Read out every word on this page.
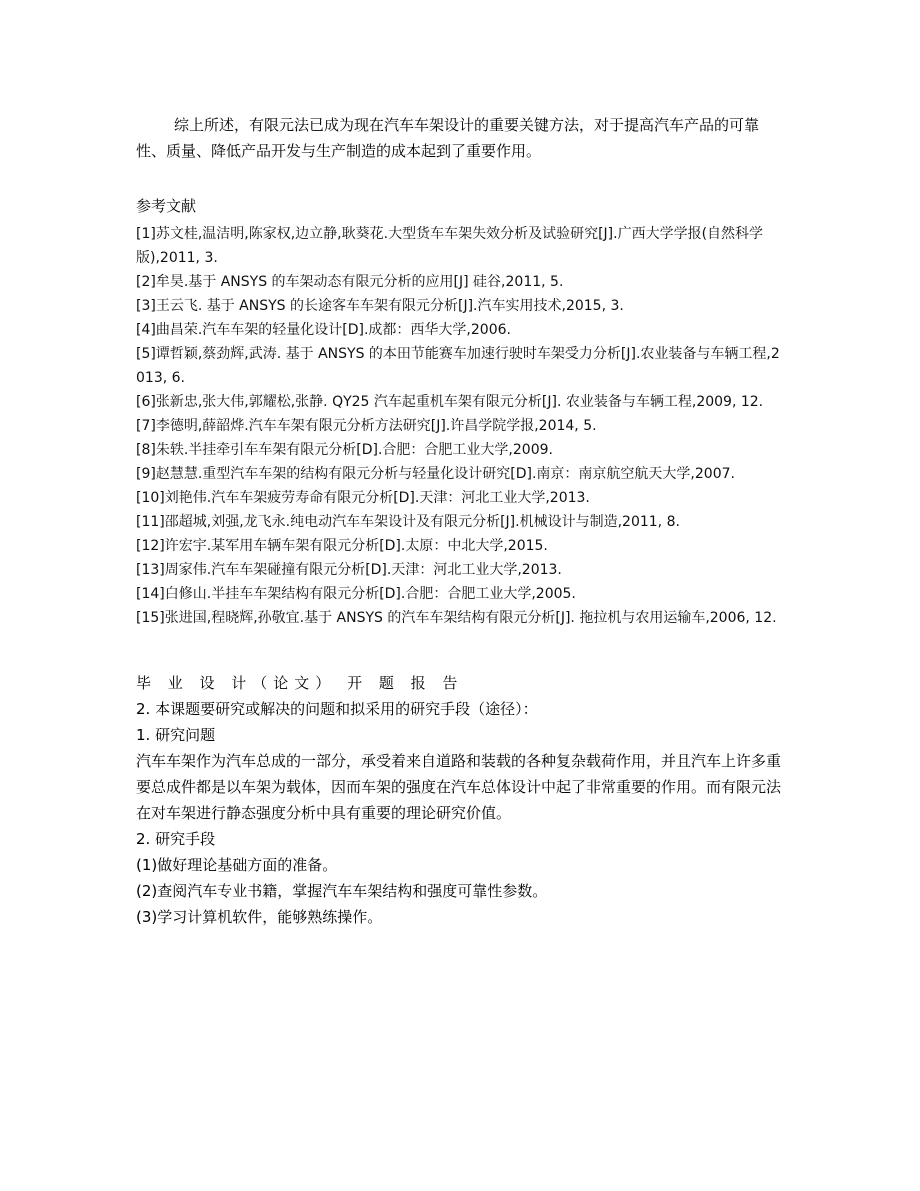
综上所述，有限元法已成为现在汽车车架设计的重要关键方法，对于提高汽车产品的可靠性、质量、降低产品开发与生产制造的成本起到了重要作用。

参考文献

[1]苏文桂,温洁明,陈家权,边立静,耿葵花.大型货车车架失效分析及试验研究[J].广西大学学报(自然科学版),2011, 3.

[2]牟昊.基于 ANSYS 的车架动态有限元分析的应用[J] 硅谷,2011, 5.

[3]王云飞. 基于 ANSYS 的长途客车车架有限元分析[J].汽车实用技术,2015, 3.

[4]曲昌荣.汽车车架的轻量化设计[D].成都：西华大学,2006.

[5]谭哲颖,蔡劲辉,武涛. 基于 ANSYS 的本田节能赛车加速行驶时车架受力分析[J].农业装备与车辆工程,2013, 6.

[6]张新忠,张大伟,郭耀松,张静. QY25 汽车起重机车架有限元分析[J]. 农业装备与车辆工程,2009, 12.

[7]李德明,薛韶烨.汽车车架有限元分析方法研究[J].许昌学院学报,2014, 5.

[8]朱轶.半挂牵引车车架有限元分析[D].合肥：合肥工业大学,2009.

[9]赵慧慧.重型汽车车架的结构有限元分析与轻量化设计研究[D].南京：南京航空航天大学,2007.

[10]刘艳伟.汽车车架疲劳寿命有限元分析[D].天津：河北工业大学,2013.

[11]邵超城,刘强,龙飞永.纯电动汽车车架设计及有限元分析[J].机械设计与制造,2011, 8.

[12]许宏宇.某军用车辆车架有限元分析[D].太原：中北大学,2015.

[13]周家伟.汽车车架碰撞有限元分析[D].天津：河北工业大学,2013.

[14]白修山.半挂车车架结构有限元分析[D].合肥：合肥工业大学,2005.

[15]张进国,程晓辉,孙敬宜.基于 ANSYS 的汽车车架结构有限元分析[J]. 拖拉机与农用运输车,2006, 12.

毕 业 设 计（论文） 开 题 报 告

2. 本课题要研究或解决的问题和拟采用的研究手段（途径）：

1. 研究问题

汽车车架作为汽车总成的一部分，承受着来自道路和装载的各种复杂载荷作用，并且汽车上许多重要总成件都是以车架为载体，因而车架的强度在汽车总体设计中起了非常重要的作用。而有限元法在对车架进行静态强度分析中具有重要的理论研究价值。

2. 研究手段

(1)做好理论基础方面的准备。

(2)查阅汽车专业书籍，掌握汽车车架结构和强度可靠性参数。

(3)学习计算机软件，能够熟练操作。
